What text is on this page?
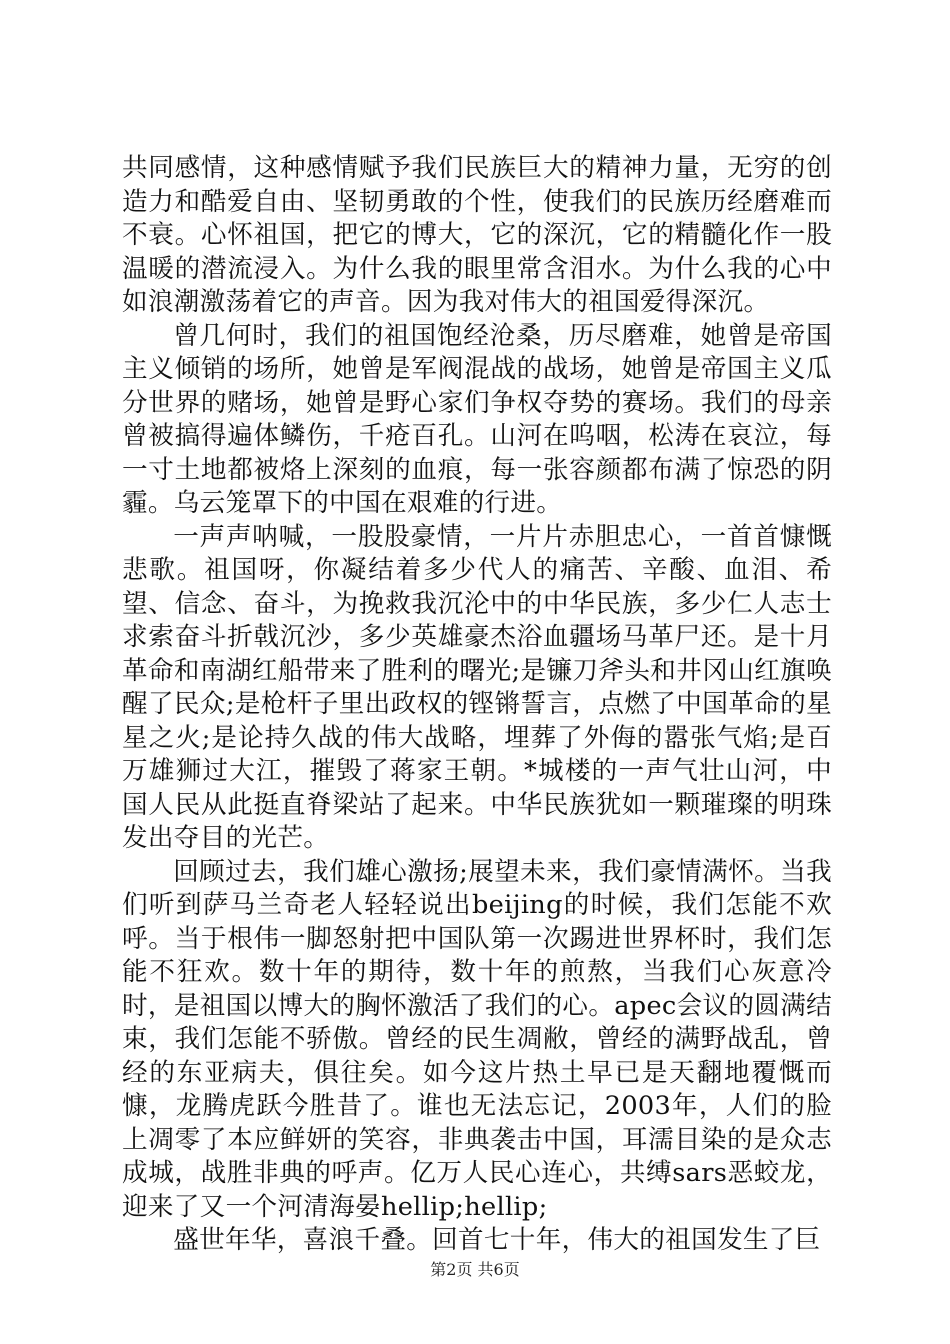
共同感情，这种感情赋予我们民族巨大的精神力量，无穷的创造力和酷爱自由、坚韧勇敢的个性，使我们的民族历经磨难而不衰。心怀祖国，把它的博大，它的深沉，它的精髓化作一股温暖的潜流浸入。为什么我的眼里常含泪水。为什么我的心中如浪潮激荡着它的声音。因为我对伟大的祖国爱得深沉。

曾几何时，我们的祖国饱经沧桑，历尽磨难，她曾是帝国主义倾销的场所，她曾是军阀混战的战场，她曾是帝国主义瓜分世界的赌场，她曾是野心家们争权夺势的赛场。我们的母亲曾被搞得遍体鳞伤，千疮百孔。山河在呜咽，松涛在哀泣，每一寸土地都被烙上深刻的血痕，每一张容颜都布满了惊恐的阴霾。乌云笼罩下的中国在艰难的行进。

一声声呐喊，一股股豪情，一片片赤胆忠心，一首首慷慨悲歌。祖国呀，你凝结着多少代人的痛苦、辛酸、血泪、希望、信念、奋斗，为挽救我沉沦中的中华民族，多少仁人志士求索奋斗折戟沉沙，多少英雄豪杰浴血疆场马革尸还。是十月革命和南湖红船带来了胜利的曙光;是镰刀斧头和井冈山红旗唤醒了民众;是枪杆子里出政权的铿锵誓言，点燃了中国革命的星星之火;是论持久战的伟大战略，埋葬了外侮的嚣张气焰;是百万雄狮过大江，摧毁了蒋家王朝。*城楼的一声气壮山河，中国人民从此挺直脊梁站了起来。中华民族犹如一颗璀璨的明珠发出夺目的光芒。

回顾过去，我们雄心激扬;展望未来，我们豪情满怀。当我们听到萨马兰奇老人轻轻说出beijing的时候，我们怎能不欢呼。当于根伟一脚怒射把中国队第一次踢进世界杯时，我们怎能不狂欢。数十年的期待，数十年的煎熬，当我们心灰意冷时，是祖国以博大的胸怀激活了我们的心。apec会议的圆满结束，我们怎能不骄傲。曾经的民生凋敝，曾经的满野战乱，曾经的东亚病夫，俱往矣。如今这片热土早已是天翻地覆慨而慷，龙腾虎跃今胜昔了。谁也无法忘记，2003年，人们的脸上凋零了本应鲜妍的笑容，非典袭击中国，耳濡目染的是众志成城，战胜非典的呼声。亿万人民心连心，共缚sars恶蛟龙，迎来了又一个河清海晏hellip;hellip;

盛世年华，喜浪千叠。回首七十年，伟大的祖国发生了巨

第2页 共6页
